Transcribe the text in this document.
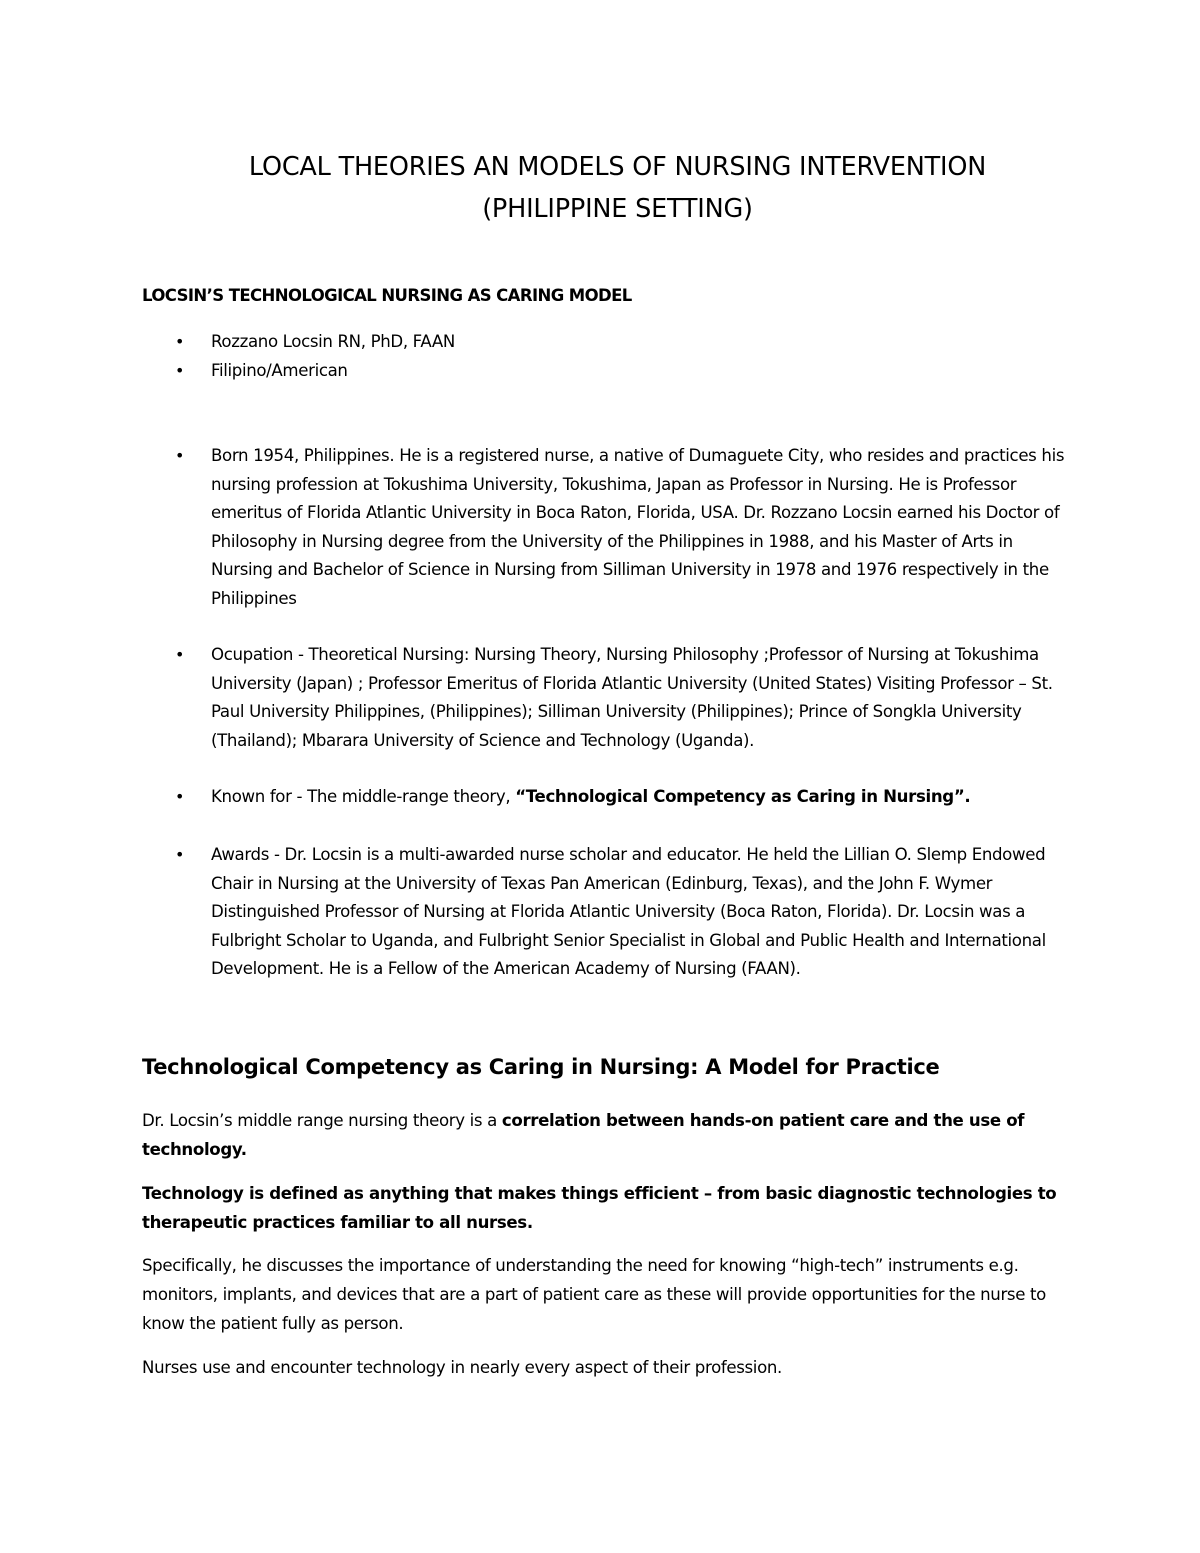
LOCAL THEORIES AN MODELS OF NURSING INTERVENTION
(PHILIPPINE SETTING)
LOCSIN’S TECHNOLOGICAL NURSING AS CARING MODEL
• Rozzano Locsin RN, PhD, FAAN
• Filipino/American
• Born 1954, Philippines. He is a registered nurse, a native of Dumaguete City, who resides and practices his nursing profession at Tokushima University, Tokushima, Japan as Professor in Nursing. He is Professor emeritus of Florida Atlantic University in Boca Raton, Florida, USA. Dr. Rozzano Locsin earned his Doctor of Philosophy in Nursing degree from the University of the Philippines in 1988, and his Master of Arts in Nursing and Bachelor of Science in Nursing from Silliman University in 1978 and 1976 respectively in the Philippines
• Ocupation - Theoretical Nursing: Nursing Theory, Nursing Philosophy ;Professor of Nursing at Tokushima University (Japan) ; Professor Emeritus of Florida Atlantic University (United States) Visiting Professor – St. Paul University Philippines, (Philippines); Silliman University (Philippines); Prince of Songkla University (Thailand); Mbarara University of Science and Technology (Uganda).
• Known for - The middle-range theory, “Technological Competency as Caring in Nursing”.
• Awards - Dr. Locsin is a multi-awarded nurse scholar and educator. He held the Lillian O. Slemp Endowed Chair in Nursing at the University of Texas Pan American (Edinburg, Texas), and the John F. Wymer Distinguished Professor of Nursing at Florida Atlantic University (Boca Raton, Florida). Dr. Locsin was a Fulbright Scholar to Uganda, and Fulbright Senior Specialist in Global and Public Health and International Development. He is a Fellow of the American Academy of Nursing (FAAN).
Technological Competency as Caring in Nursing: A Model for Practice
Dr. Locsin’s middle range nursing theory is a correlation between hands-on patient care and the use of technology.
Technology is defined as anything that makes things efficient – from basic diagnostic technologies to therapeutic practices familiar to all nurses.
Specifically, he discusses the importance of understanding the need for knowing “high-tech” instruments e.g. monitors, implants, and devices that are a part of patient care as these will provide opportunities for the nurse to know the patient fully as person.
Nurses use and encounter technology in nearly every aspect of their profession.
